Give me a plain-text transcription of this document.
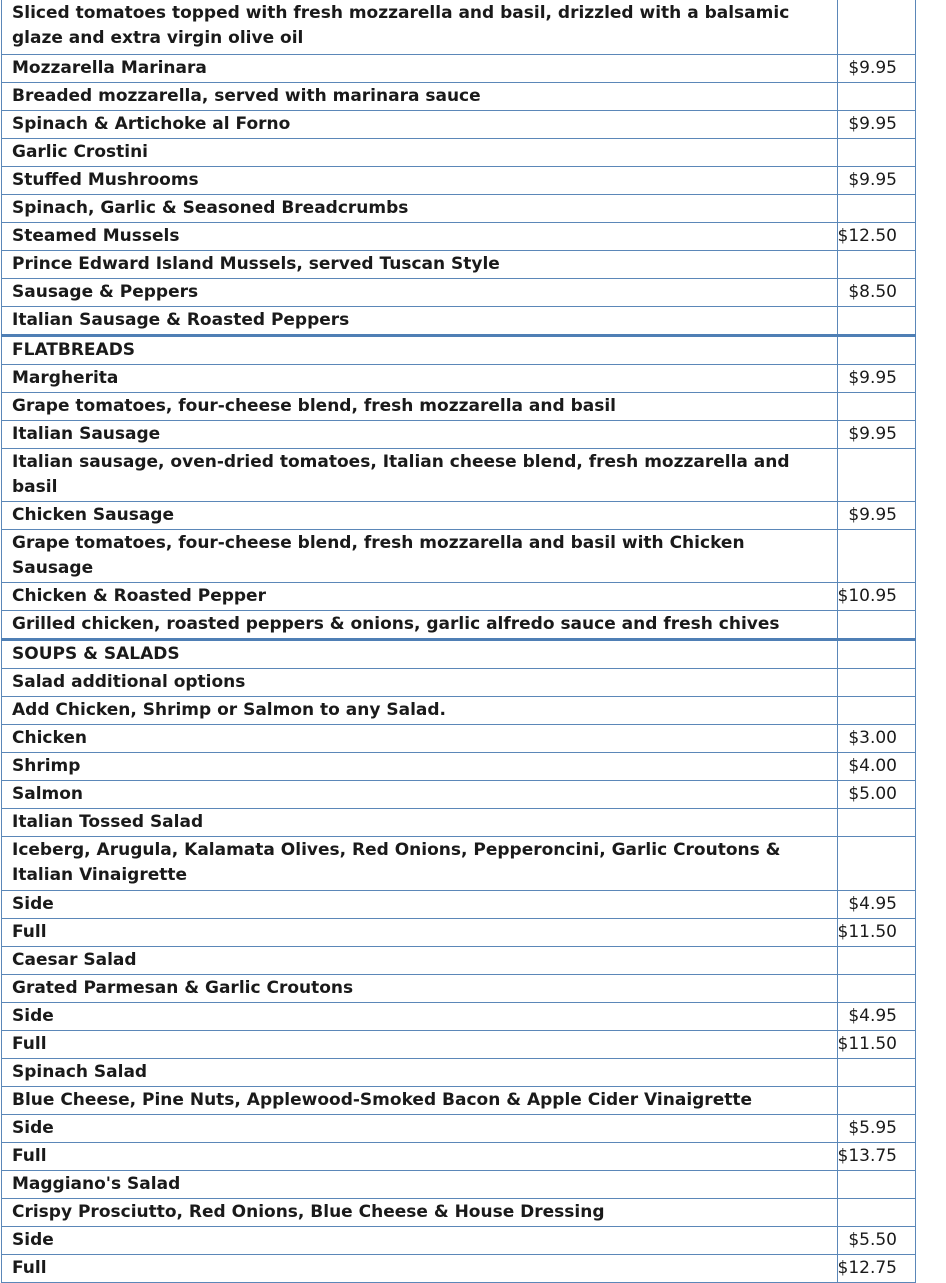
Sliced tomatoes topped with fresh mozzarella and basil, drizzled with a balsamic glaze and extra virgin olive oil	
Mozzarella Marinara	$9.95
Breaded mozzarella, served with marinara sauce	
Spinach & Artichoke al Forno	$9.95
Garlic Crostini	
Stuffed Mushrooms	$9.95
Spinach, Garlic & Seasoned Breadcrumbs	
Steamed Mussels	$12.50
Prince Edward Island Mussels, served Tuscan Style	
Sausage & Peppers	$8.50
Italian Sausage & Roasted Peppers	
FLATBREADS	
Margherita	$9.95
Grape tomatoes, four-cheese blend, fresh mozzarella and basil	
Italian Sausage	$9.95
Italian sausage, oven-dried tomatoes, Italian cheese blend, fresh mozzarella and basil	
Chicken Sausage	$9.95
Grape tomatoes, four-cheese blend, fresh mozzarella and basil with Chicken Sausage	
Chicken & Roasted Pepper	$10.95
Grilled chicken, roasted peppers & onions, garlic alfredo sauce and fresh chives	
SOUPS & SALADS	
Salad additional options	
Add Chicken, Shrimp or Salmon to any Salad.	
Chicken	$3.00
Shrimp	$4.00
Salmon	$5.00
Italian Tossed Salad	
Iceberg, Arugula, Kalamata Olives, Red Onions, Pepperoncini, Garlic Croutons & Italian Vinaigrette	
Side	$4.95
Full	$11.50
Caesar Salad	
Grated Parmesan & Garlic Croutons	
Side	$4.95
Full	$11.50
Spinach Salad	
Blue Cheese, Pine Nuts, Applewood-Smoked Bacon & Apple Cider Vinaigrette	
Side	$5.95
Full	$13.75
Maggiano's Salad	
Crispy Prosciutto, Red Onions, Blue Cheese & House Dressing	
Side	$5.50
Full	$12.75
